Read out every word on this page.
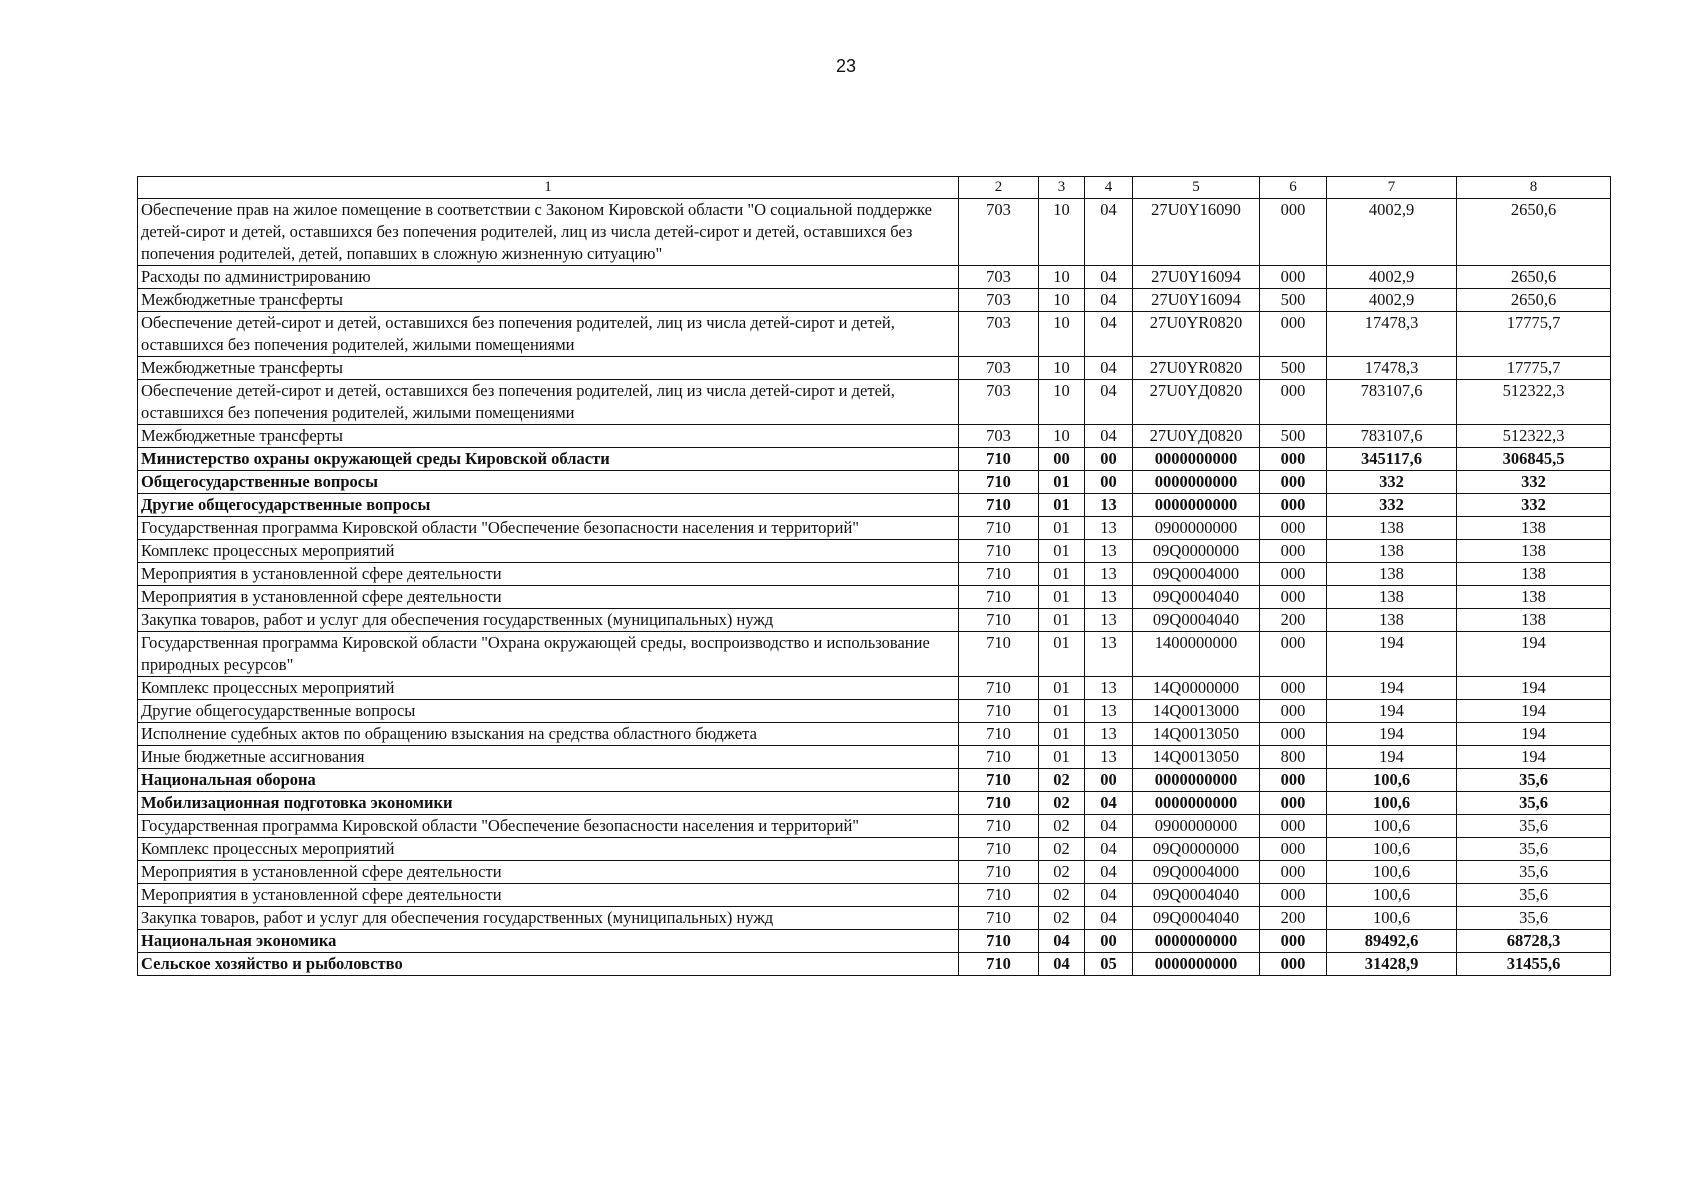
23
1	2	3	4	5	6	7	8
Обеспечение прав на жилое помещение в соответствии с Законом Кировской области "О социальной поддержке детей-сирот и детей, оставшихся без попечения родителей, лиц из числа детей-сирот и детей, оставшихся без попечения родителей, детей, попавших в сложную жизненную ситуацию"	703	10	04	27U0Y16090	000	4002,9	2650,6
Расходы по администрированию	703	10	04	27U0Y16094	000	4002,9	2650,6
Межбюджетные трансферты	703	10	04	27U0Y16094	500	4002,9	2650,6
Обеспечение детей-сирот и детей, оставшихся без попечения родителей, лиц из числа детей-сирот и детей, оставшихся без попечения родителей, жилыми помещениями	703	10	04	27U0YR0820	000	17478,3	17775,7
Межбюджетные трансферты	703	10	04	27U0YR0820	500	17478,3	17775,7
Обеспечение детей-сирот и детей, оставшихся без попечения родителей, лиц из числа детей-сирот и детей, оставшихся без попечения родителей, жилыми помещениями	703	10	04	27U0YД0820	000	783107,6	512322,3
Межбюджетные трансферты	703	10	04	27U0YД0820	500	783107,6	512322,3
Министерство охраны окружающей среды Кировской области	710	00	00	0000000000	000	345117,6	306845,5
Общегосударственные вопросы	710	01	00	0000000000	000	332	332
Другие общегосударственные вопросы	710	01	13	0000000000	000	332	332
Государственная программа Кировской области "Обеспечение безопасности населения и территорий"	710	01	13	0900000000	000	138	138
Комплекс процессных мероприятий	710	01	13	09Q0000000	000	138	138
Мероприятия в установленной сфере деятельности	710	01	13	09Q0004000	000	138	138
Мероприятия в установленной сфере деятельности	710	01	13	09Q0004040	000	138	138
Закупка товаров, работ и услуг для обеспечения государственных (муниципальных) нужд	710	01	13	09Q0004040	200	138	138
Государственная программа Кировской области "Охрана окружающей среды, воспроизводство и использование природных ресурсов"	710	01	13	1400000000	000	194	194
Комплекс процессных мероприятий	710	01	13	14Q0000000	000	194	194
Другие общегосударственные вопросы	710	01	13	14Q0013000	000	194	194
Исполнение судебных актов по обращению взыскания на средства областного бюджета	710	01	13	14Q0013050	000	194	194
Иные бюджетные ассигнования	710	01	13	14Q0013050	800	194	194
Национальная оборона	710	02	00	0000000000	000	100,6	35,6
Мобилизационная подготовка экономики	710	02	04	0000000000	000	100,6	35,6
Государственная программа Кировской области "Обеспечение безопасности населения и территорий"	710	02	04	0900000000	000	100,6	35,6
Комплекс процессных мероприятий	710	02	04	09Q0000000	000	100,6	35,6
Мероприятия в установленной сфере деятельности	710	02	04	09Q0004000	000	100,6	35,6
Мероприятия в установленной сфере деятельности	710	02	04	09Q0004040	000	100,6	35,6
Закупка товаров, работ и услуг для обеспечения государственных (муниципальных) нужд	710	02	04	09Q0004040	200	100,6	35,6
Национальная экономика	710	04	00	0000000000	000	89492,6	68728,3
Сельское хозяйство и рыболовство	710	04	05	0000000000	000	31428,9	31455,6
